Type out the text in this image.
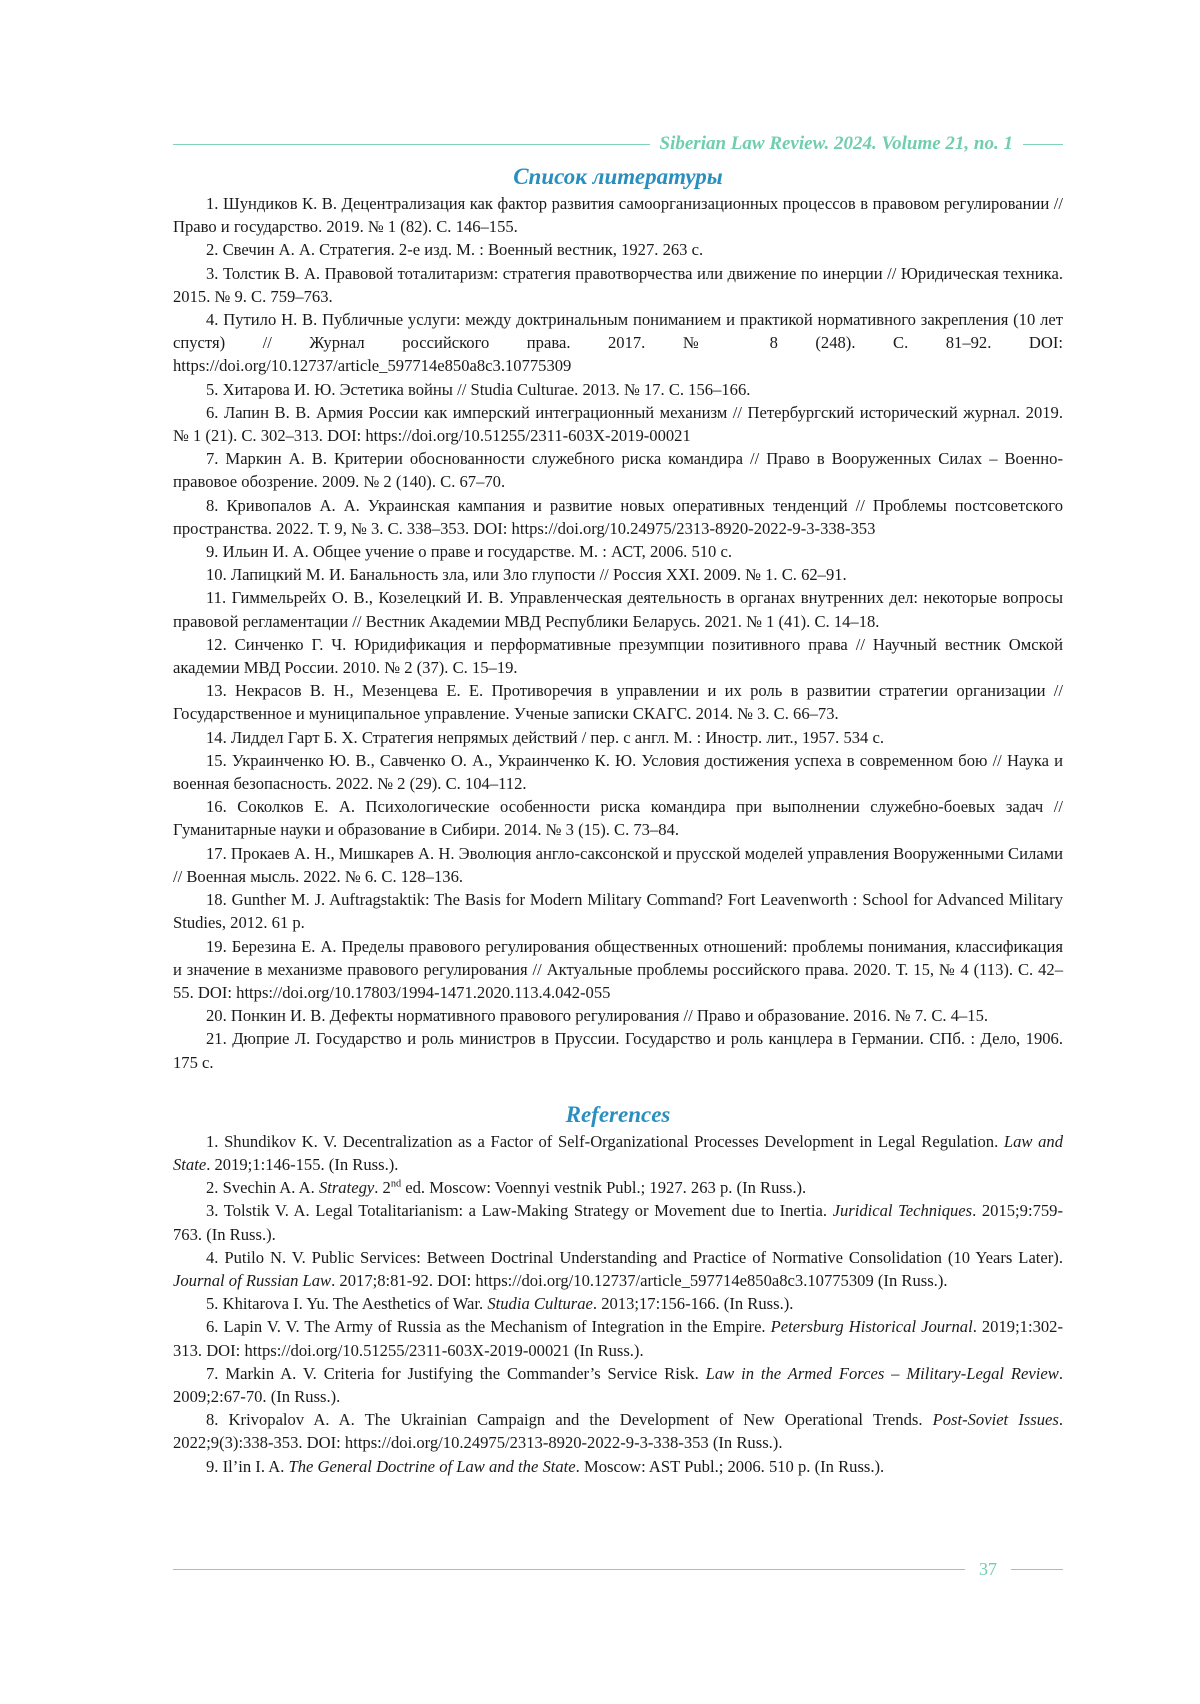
Siberian Law Review. 2024. Volume 21, no. 1
Список литературы
1. Шундиков К. В. Децентрализация как фактор развития самоорганизационных процессов в правовом регулировании // Право и государство. 2019. № 1 (82). С. 146–155.
2. Свечин А. А. Стратегия. 2-е изд. М. : Военный вестник, 1927. 263 с.
3. Толстик В. А. Правовой тоталитаризм: стратегия правотворчества или движение по инерции // Юридическая техника. 2015. № 9. С. 759–763.
4. Путило Н. В. Публичные услуги: между доктринальным пониманием и практикой нормативного закрепления (10 лет спустя) // Журнал российского права. 2017. № 8 (248). С. 81–92. DOI: https://doi.org/10.12737/article_597714e850a8c3.10775309
5. Хитарова И. Ю. Эстетика войны // Studia Culturae. 2013. № 17. С. 156–166.
6. Лапин В. В. Армия России как имперский интеграционный механизм // Петербургский исторический журнал. 2019. № 1 (21). С. 302–313. DOI: https://doi.org/10.51255/2311-603X-2019-00021
7. Маркин А. В. Критерии обоснованности служебного риска командира // Право в Вооруженных Силах – Военно-правовое обозрение. 2009. № 2 (140). С. 67–70.
8. Кривопалов А. А. Украинская кампания и развитие новых оперативных тенденций // Проблемы постсоветского пространства. 2022. Т. 9, № 3. С. 338–353. DOI: https://doi.org/10.24975/2313-8920-2022-9-3-338-353
9. Ильин И. А. Общее учение о праве и государстве. М. : АСТ, 2006. 510 с.
10. Лапицкий М. И. Банальность зла, или Зло глупости // Россия XXI. 2009. № 1. С. 62–91.
11. Гиммельрейх О. В., Козелецкий И. В. Управленческая деятельность в органах внутренних дел: некоторые вопросы правовой регламентации // Вестник Академии МВД Республики Беларусь. 2021. № 1 (41). С. 14–18.
12. Синченко Г. Ч. Юридификация и перформативные презумпции позитивного права // Научный вестник Омской академии МВД России. 2010. № 2 (37). С. 15–19.
13. Некрасов В. Н., Мезенцева Е. Е. Противоречия в управлении и их роль в развитии стратегии организации // Государственное и муниципальное управление. Ученые записки СКАГС. 2014. № 3. С. 66–73.
14. Лиддел Гарт Б. Х. Стратегия непрямых действий / пер. с англ. М. : Иностр. лит., 1957. 534 с.
15. Украинченко Ю. В., Савченко О. А., Украинченко К. Ю. Условия достижения успеха в современном бою // Наука и военная безопасность. 2022. № 2 (29). С. 104–112.
16. Соколков Е. А. Психологические особенности риска командира при выполнении служебно-боевых задач // Гуманитарные науки и образование в Сибири. 2014. № 3 (15). С. 73–84.
17. Прокаев А. Н., Мишкарев А. Н. Эволюция англо-саксонской и прусской моделей управления Вооруженными Силами // Военная мысль. 2022. № 6. С. 128–136.
18. Gunther M. J. Auftragstaktik: The Basis for Modern Military Command? Fort Leavenworth : School for Advanced Military Studies, 2012. 61 p.
19. Березина Е. А. Пределы правового регулирования общественных отношений: проблемы понимания, классификация и значение в механизме правового регулирования // Актуальные проблемы российского права. 2020. Т. 15, № 4 (113). С. 42–55. DOI: https://doi.org/10.17803/1994-1471.2020.113.4.042-055
20. Понкин И. В. Дефекты нормативного правового регулирования // Право и образование. 2016. № 7. С. 4–15.
21. Дюприе Л. Государство и роль министров в Пруссии. Государство и роль канцлера в Германии. СПб. : Дело, 1906. 175 с.
References
1. Shundikov K. V. Decentralization as a Factor of Self-Organizational Processes Development in Legal Regulation. Law and State. 2019;1:146-155. (In Russ.).
2. Svechin A. A. Strategy. 2nd ed. Moscow: Voennyi vestnik Publ.; 1927. 263 p. (In Russ.).
3. Tolstik V. A. Legal Totalitarianism: a Law-Making Strategy or Movement due to Inertia. Juridical Techniques. 2015;9:759-763. (In Russ.).
4. Putilo N. V. Public Services: Between Doctrinal Understanding and Practice of Normative Consolidation (10 Years Later). Journal of Russian Law. 2017;8:81-92. DOI: https://doi.org/10.12737/article_597714e850a8c3.10775309 (In Russ.).
5. Khitarova I. Yu. The Aesthetics of War. Studia Culturae. 2013;17:156-166. (In Russ.).
6. Lapin V. V. The Army of Russia as the Mechanism of Integration in the Empire. Petersburg Historical Journal. 2019;1:302-313. DOI: https://doi.org/10.51255/2311-603X-2019-00021 (In Russ.).
7. Markin A. V. Criteria for Justifying the Commander’s Service Risk. Law in the Armed Forces – Military-Legal Review. 2009;2:67-70. (In Russ.).
8. Krivopalov A. A. The Ukrainian Campaign and the Development of New Operational Trends. Post-Soviet Issues. 2022;9(3):338-353. DOI: https://doi.org/10.24975/2313-8920-2022-9-3-338-353 (In Russ.).
9. Il’in I. A. The General Doctrine of Law and the State. Moscow: AST Publ.; 2006. 510 p. (In Russ.).
37
